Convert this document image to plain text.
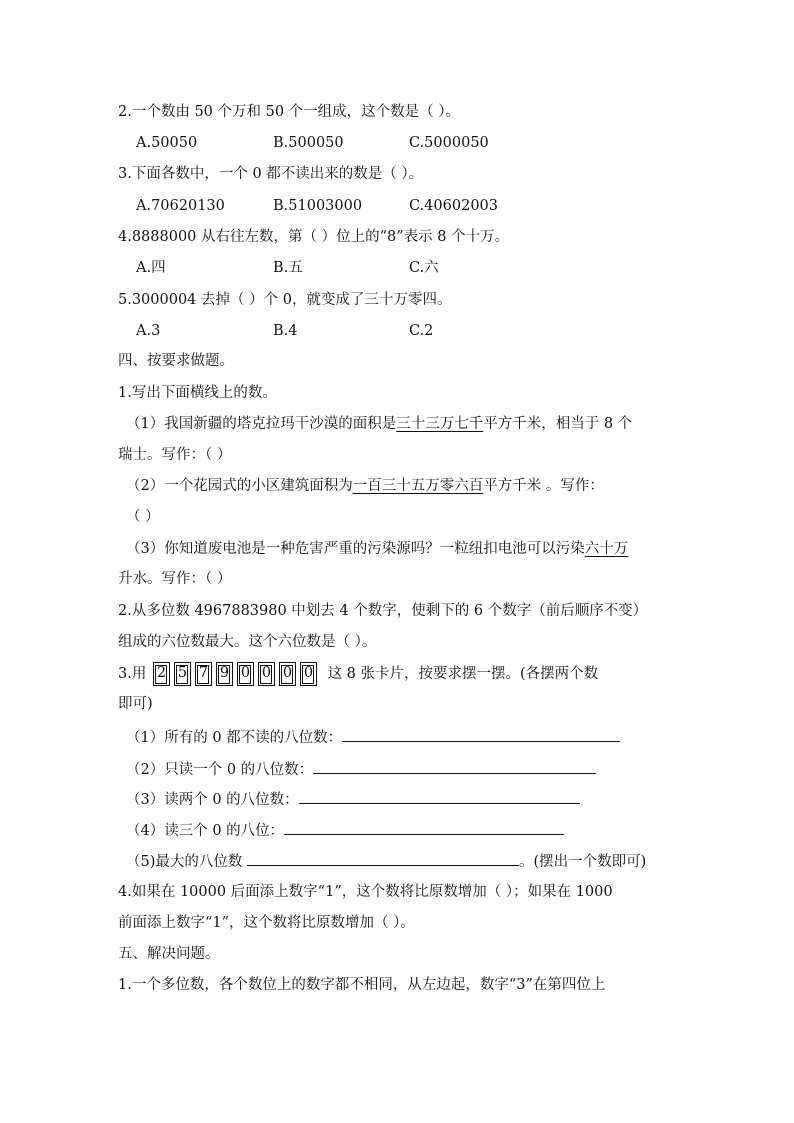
2.一个数由 50 个万和 50 个一组成，这个数是（ ）。
A.50050	B.500050	C.5000050
3.下面各数中，一个 0 都不读出来的数是（ ）。
A.70620130	B.51003000	C.40602003
4.8888000 从右往左数，第（ ）位上的“8”表示 8 个十万。
A.四	B.五	C.六
5.3000004 去掉（ ）个 0，就变成了三十万零四。
A.3	B.4	C.2
四、按要求做题。
1.写出下面横线上的数。
（1）我国新疆的塔克拉玛干沙漠的面积是三十三万七千平方千米，相当于 8 个
瑞士。写作：（ ）
（2）一个花园式的小区建筑面积为一百三十五万零六百平方千米 。写作：
（ ）
（3）你知道废电池是一种危害严重的污染源吗？一粒纽扣电池可以污染六十万
升水。写作：（ ）
2.从多位数 4967883980 中划去 4 个数字，使剩下的 6 个数字（前后顺序不变）
组成的六位数最大。这个六位数是（ ）。
3.用 2 5 7 9 0 0 0 0 这 8 张卡片，按要求摆一摆。(各摆两个数
即可)
（1）所有的 0 都不读的八位数：
（2）只读一个 0 的八位数：
（3）读两个 0 的八位数：
（4）读三个 0 的八位：
（5)最大的八位数	。(摆出一个数即可)
4.如果在 10000 后面添上数字“1”，这个数将比原数增加（ ）；如果在 1000
前面添上数字“1”，这个数将比原数增加（ ）。
五、解决问题。
1.一个多位数，各个数位上的数字都不相同，从左边起，数字“3”在第四位上
